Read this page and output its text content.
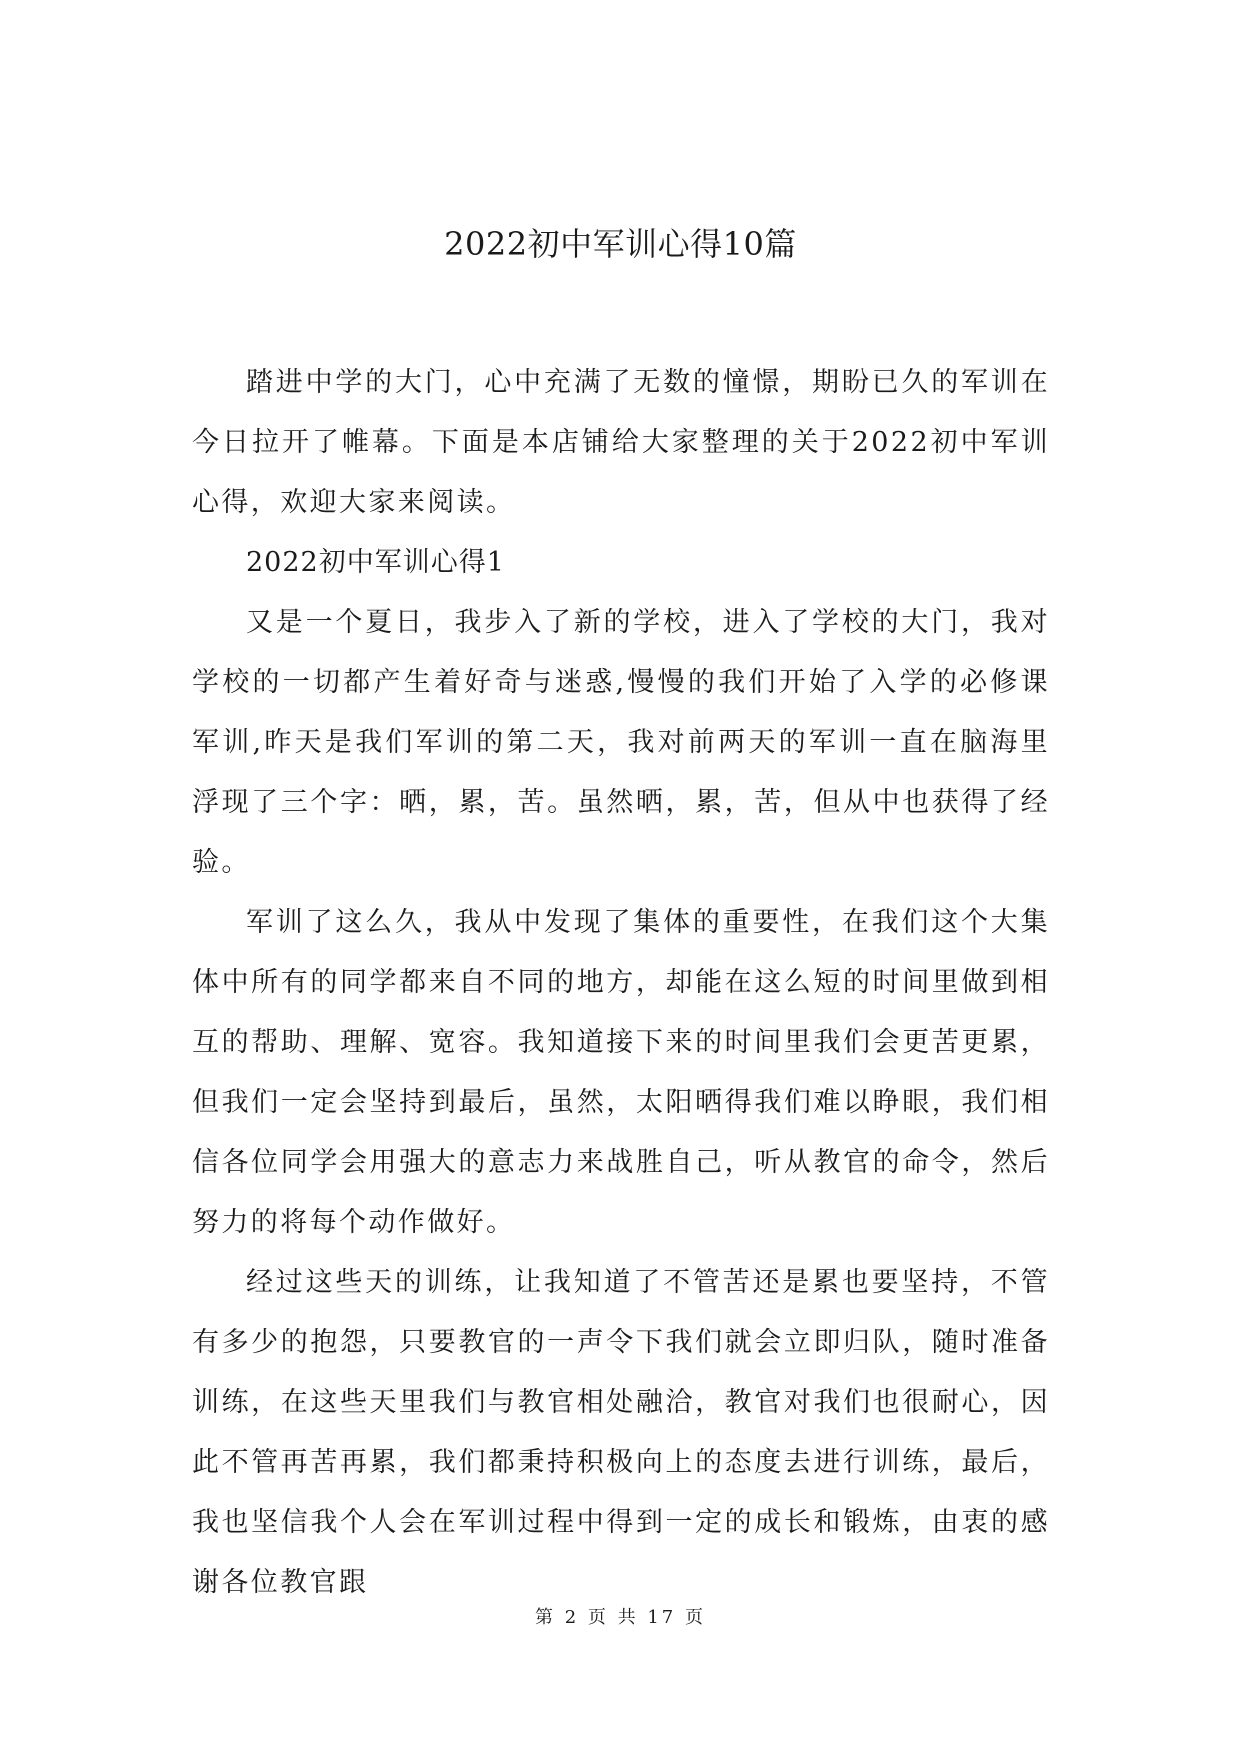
2022初中军训心得10篇

踏进中学的大门，心中充满了无数的憧憬，期盼已久的军训在今日拉开了帷幕。下面是本店铺给大家整理的关于2022初中军训心得，欢迎大家来阅读。

2022初中军训心得1

又是一个夏日，我步入了新的学校，进入了学校的大门，我对学校的一切都产生着好奇与迷惑,慢慢的我们开始了入学的必修课军训,昨天是我们军训的第二天，我对前两天的军训一直在脑海里浮现了三个字：晒，累，苦。虽然晒，累，苦，但从中也获得了经验。

军训了这么久，我从中发现了集体的重要性，在我们这个大集体中所有的同学都来自不同的地方，却能在这么短的时间里做到相互的帮助、理解、宽容。我知道接下来的时间里我们会更苦更累，但我们一定会坚持到最后，虽然，太阳晒得我们难以睁眼，我们相信各位同学会用强大的意志力来战胜自己，听从教官的命令，然后努力的将每个动作做好。

经过这些天的训练，让我知道了不管苦还是累也要坚持，不管有多少的抱怨，只要教官的一声令下我们就会立即归队，随时准备训练，在这些天里我们与教官相处融洽，教官对我们也很耐心，因此不管再苦再累，我们都秉持积极向上的态度去进行训练，最后，我也坚信我个人会在军训过程中得到一定的成长和锻炼，由衷的感谢各位教官跟

第 2 页 共 17 页
